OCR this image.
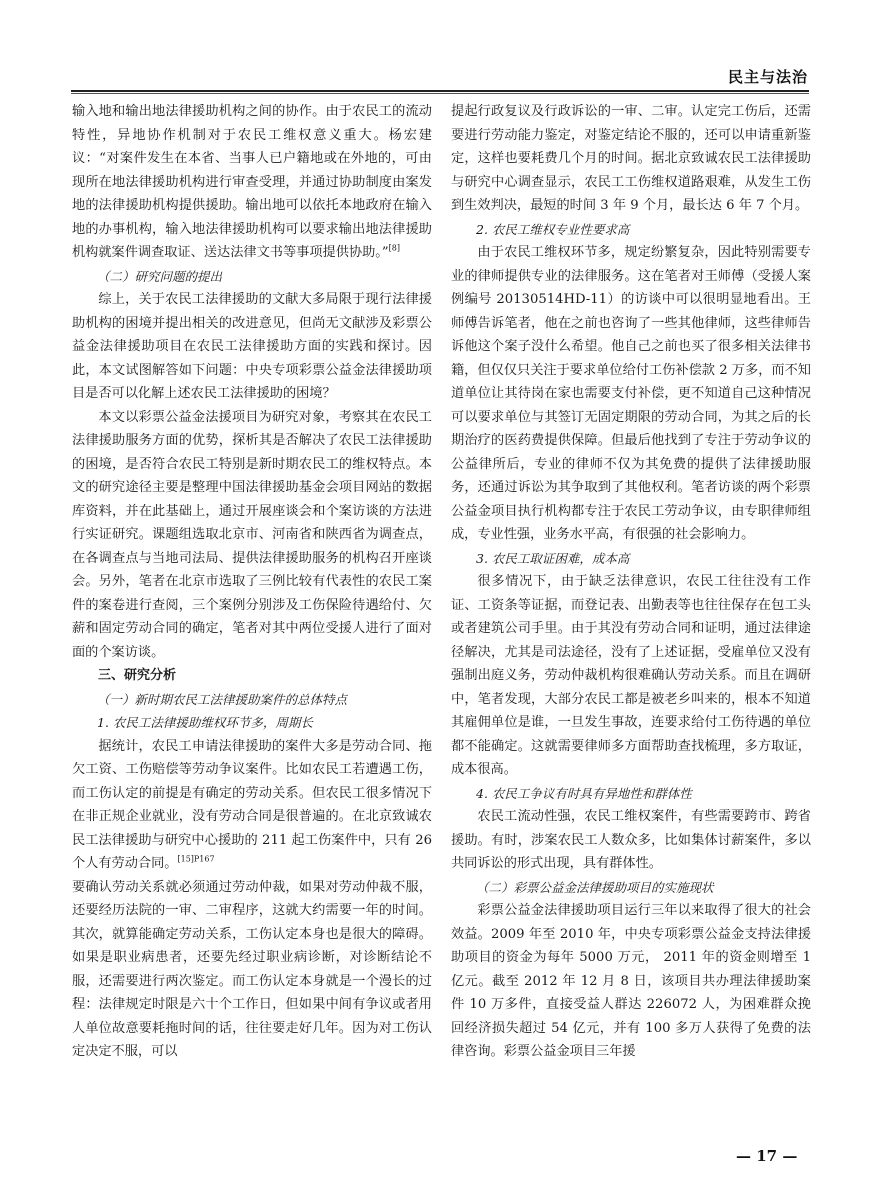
民主与法治

输入地和输出地法律援助机构之间的协作。由于农民工的流动特性，异地协作机制对于农民工维权意义重大。杨宏建议：“对案件发生在本省、当事人已户籍地或在外地的，可由现所在地法律援助机构进行审查受理，并通过协助制度由案发地的法律援助机构提供援助。输出地可以依托本地政府在输入地的办事机构，输入地法律援助机构可以要求输出地法律援助机构就案件调查取证、送达法律文书等事项提供协助。”[8]

（二）研究问题的提出

综上，关于农民工法律援助的文献大多局限于现行法律援助机构的困境并提出相关的改进意见，但尚无文献涉及彩票公益金法律援助项目在农民工法律援助方面的实践和探讨。因此，本文试图解答如下问题：中央专项彩票公益金法律援助项目是否可以化解上述农民工法律援助的困境？

本文以彩票公益金法援项目为研究对象，考察其在农民工法律援助服务方面的优势，探析其是否解决了农民工法律援助的困境，是否符合农民工特别是新时期农民工的维权特点。本文的研究途径主要是整理中国法律援助基金会项目网站的数据库资料，并在此基础上，通过开展座谈会和个案访谈的方法进行实证研究。课题组选取北京市、河南省和陕西省为调查点，在各调查点与当地司法局、提供法律援助服务的机构召开座谈会。另外，笔者在北京市选取了三例比较有代表性的农民工案件的案卷进行查阅，三个案例分别涉及工伤保险待遇给付、欠薪和固定劳动合同的确定，笔者对其中两位受援人进行了面对面的个案访谈。

三、研究分析

（一）新时期农民工法律援助案件的总体特点

1. 农民工法律援助维权环节多，周期长

据统计，农民工申请法律援助的案件大多是劳动合同、拖欠工资、工伤赔偿等劳动争议案件。比如农民工若遭遇工伤，而工伤认定的前提是有确定的劳动关系。但农民工很多情况下在非正规企业就业，没有劳动合同是很普遍的。在北京致诚农民工法律援助与研究中心援助的 211 起工伤案件中，只有 26 个人有劳动合同。$^{[15]P167}$

要确认劳动关系就必须通过劳动仲裁，如果对劳动仲裁不服，还要经历法院的一审、二审程序，这就大约需要一年的时间。其次，就算能确定劳动关系，工伤认定本身也是很大的障碍。如果是职业病患者，还要先经过职业病诊断，对诊断结论不服，还需要进行两次鉴定。而工伤认定本身就是一个漫长的过程：法律规定时限是六十个工作日，但如果中间有争议或者用人单位故意要耗拖时间的话，往往要走好几年。因为对工伤认定决定不服，可以

提起行政复议及行政诉讼的一审、二审。认定完工伤后，还需要进行劳动能力鉴定，对鉴定结论不服的，还可以申请重新鉴定，这样也要耗费几个月的时间。据北京致诚农民工法律援助与研究中心调查显示，农民工工伤维权道路艰难，从发生工伤到生效判决，最短的时间 3 年 9 个月，最长达 6 年 7 个月。

2. 农民工维权专业性要求高

由于农民工维权环节多，规定纷繁复杂，因此特别需要专业的律师提供专业的法律服务。这在笔者对王师傅（受援人案例编号 20130514HD-11）的访谈中可以很明显地看出。王师傅告诉笔者，他在之前也咨询了一些其他律师，这些律师告诉他这个案子没什么希望。他自己之前也买了很多相关法律书籍，但仅仅只关注于要求单位给付工伤补偿款 2 万多，而不知道单位让其待岗在家也需要支付补偿，更不知道自己这种情况可以要求单位与其签订无固定期限的劳动合同，为其之后的长期治疗的医药费提供保障。但最后他找到了专注于劳动争议的公益律所后，专业的律师不仅为其免费的提供了法律援助服务，还通过诉讼为其争取到了其他权利。笔者访谈的两个彩票公益金项目执行机构都专注于农民工劳动争议，由专职律师组成，专业性强，业务水平高，有很强的社会影响力。

3. 农民工取证困难，成本高

很多情况下，由于缺乏法律意识，农民工往往没有工作证、工资条等证据，而登记表、出勤表等也往往保存在包工头或者建筑公司手里。由于其没有劳动合同和证明，通过法律途径解决，尤其是司法途径，没有了上述证据，受雇单位又没有强制出庭义务，劳动仲裁机构很难确认劳动关系。而且在调研中，笔者发现，大部分农民工都是被老乡叫来的，根本不知道其雇佣单位是谁，一旦发生事故，连要求给付工伤待遇的单位都不能确定。这就需要律师多方面帮助查找梳理，多方取证，成本很高。

4. 农民工争议有时具有异地性和群体性

农民工流动性强，农民工维权案件，有些需要跨市、跨省援助。有时，涉案农民工人数众多，比如集体讨薪案件，多以共同诉讼的形式出现，具有群体性。

（二）彩票公益金法律援助项目的实施现状

彩票公益金法律援助项目运行三年以来取得了很大的社会效益。2009 年至 2010 年，中央专项彩票公益金支持法律援助项目的资金为每年 5000 万元， 2011 年的资金则增至 1 亿元。截至 2012 年 12 月 8 日，该项目共办理法律援助案件 10 万多件，直接受益人群达 226072 人，为困难群众挽回经济损失超过 54 亿元，并有 100 多万人获得了免费的法律咨询。彩票公益金项目三年援

— 17 —
